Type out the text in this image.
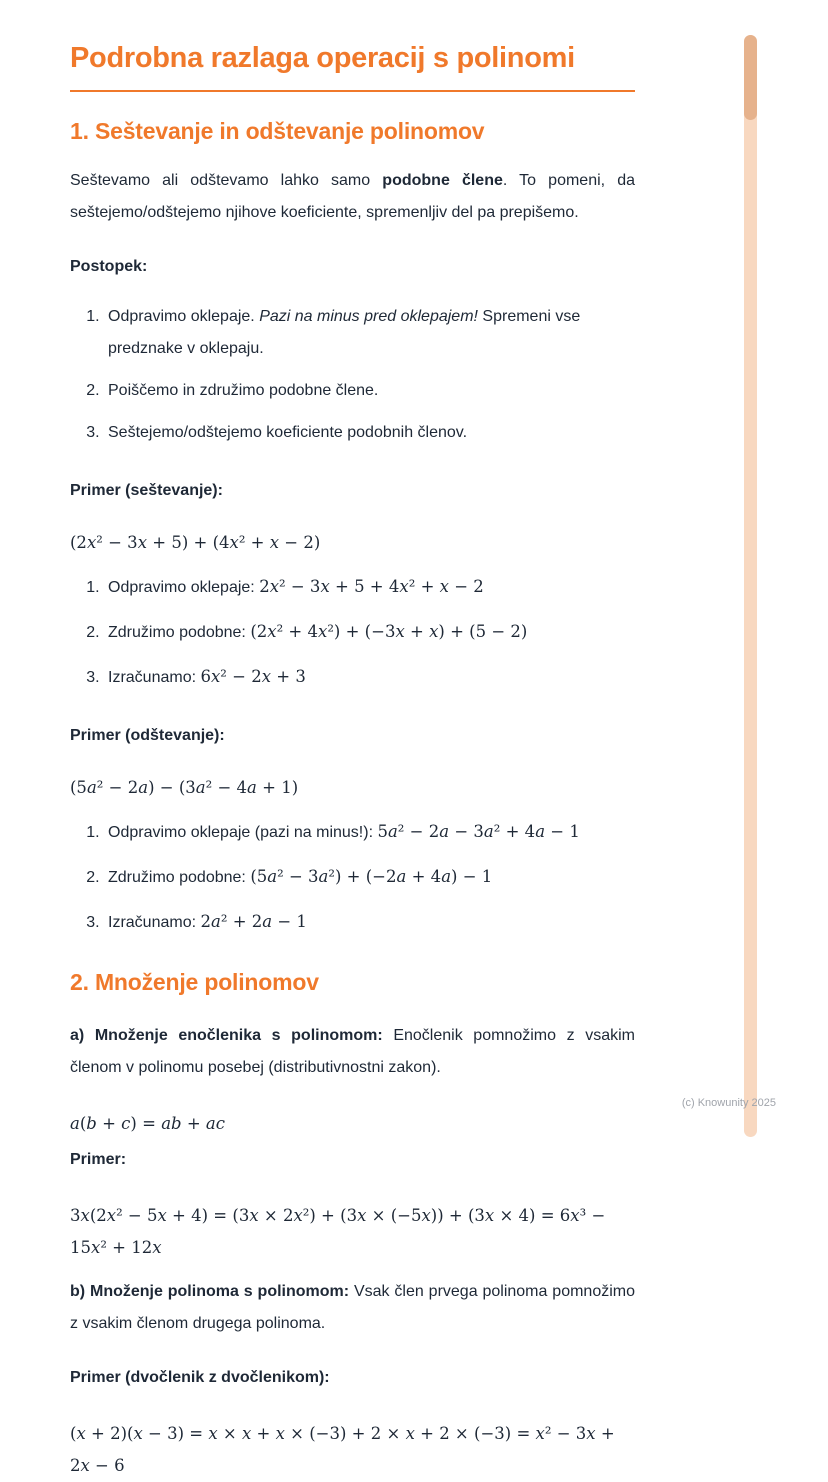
Podrobna razlaga operacij s polinomi
1. Seštevanje in odštevanje polinomov

Seštevamo ali odštevamo lahko samo podobne člene. To pomeni, da seštejemo/odštejemo njihove koeficiente, spremenljiv del pa prepišemo.

Postopek:

1. Odpravimo oklepaje. Pazi na minus pred oklepajem! Spremeni vse predznake v oklepaju.
2. Poiščemo in združimo podobne člene.
3. Seštejemo/odštejemo koeficiente podobnih členov.

Primer (seštevanje):

(2x² − 3x + 5) + (4x² + x − 2)

1. Odpravimo oklepaje: 2x² − 3x + 5 + 4x² + x − 2
2. Združimo podobne: (2x² + 4x²) + (−3x + x) + (5 − 2)
3. Izračunamo: 6x² − 2x + 3

Primer (odštevanje):

(5a² − 2a) − (3a² − 4a + 1)

1. Odpravimo oklepaje (pazi na minus!): 5a² − 2a − 3a² + 4a − 1
2. Združimo podobne: (5a² − 3a²) + (−2a + 4a) − 1
3. Izračunamo: 2a² + 2a − 1
2. Množenje polinomov

a) Množenje enočlenika s polinomom: Enočlenik pomnožimo z vsakim členom v polinomu posebej (distributivnostni zakon).

a(b + c) = ab + ac

Primer:

3x(2x² − 5x + 4) = (3x × 2x²) + (3x × (−5x)) + (3x × 4) = 6x³ − 15x² + 12x

b) Množenje polinoma s polinomom: Vsak člen prvega polinoma pomnožimo z vsakim členom drugega polinoma.

Primer (dvočlenik z dvočlenikom):

(x + 2)(x − 3) = x × x + x × (−3) + 2 × x + 2 × (−3) = x² − 3x + 2x − 6

(c) Knowunity 2025
